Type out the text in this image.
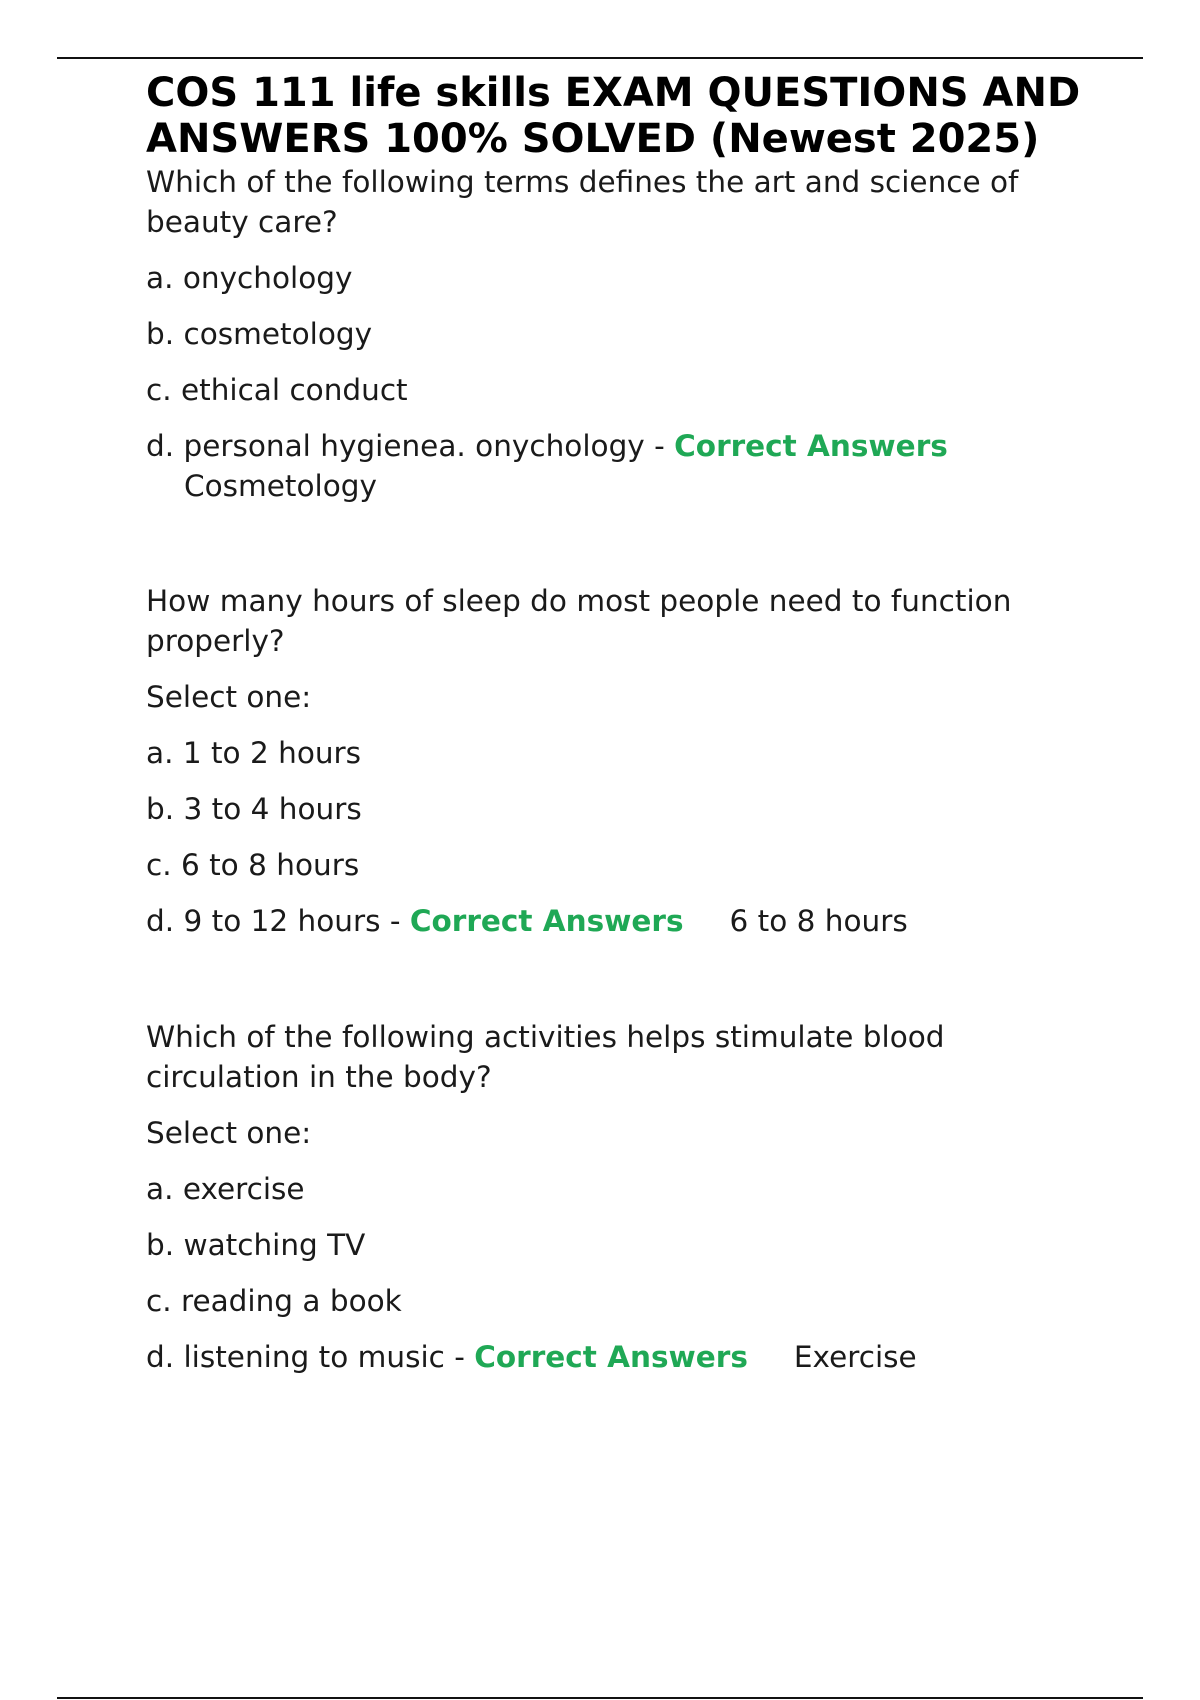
COS 111 life skills EXAM QUESTIONS AND ANSWERS 100% SOLVED (Newest 2025)

Which of the following terms defines the art and science of beauty care?

a. onychology

b. cosmetology

c. ethical conduct

d. personal hygienea. onychology - Correct Answers Cosmetology

How many hours of sleep do most people need to function properly?

Select one:

a. 1 to 2 hours

b. 3 to 4 hours

c. 6 to 8 hours

d. 9 to 12 hours - Correct Answers 6 to 8 hours

Which of the following activities helps stimulate blood circulation in the body?

Select one:

a. exercise

b. watching TV

c. reading a book

d. listening to music - Correct Answers Exercise
